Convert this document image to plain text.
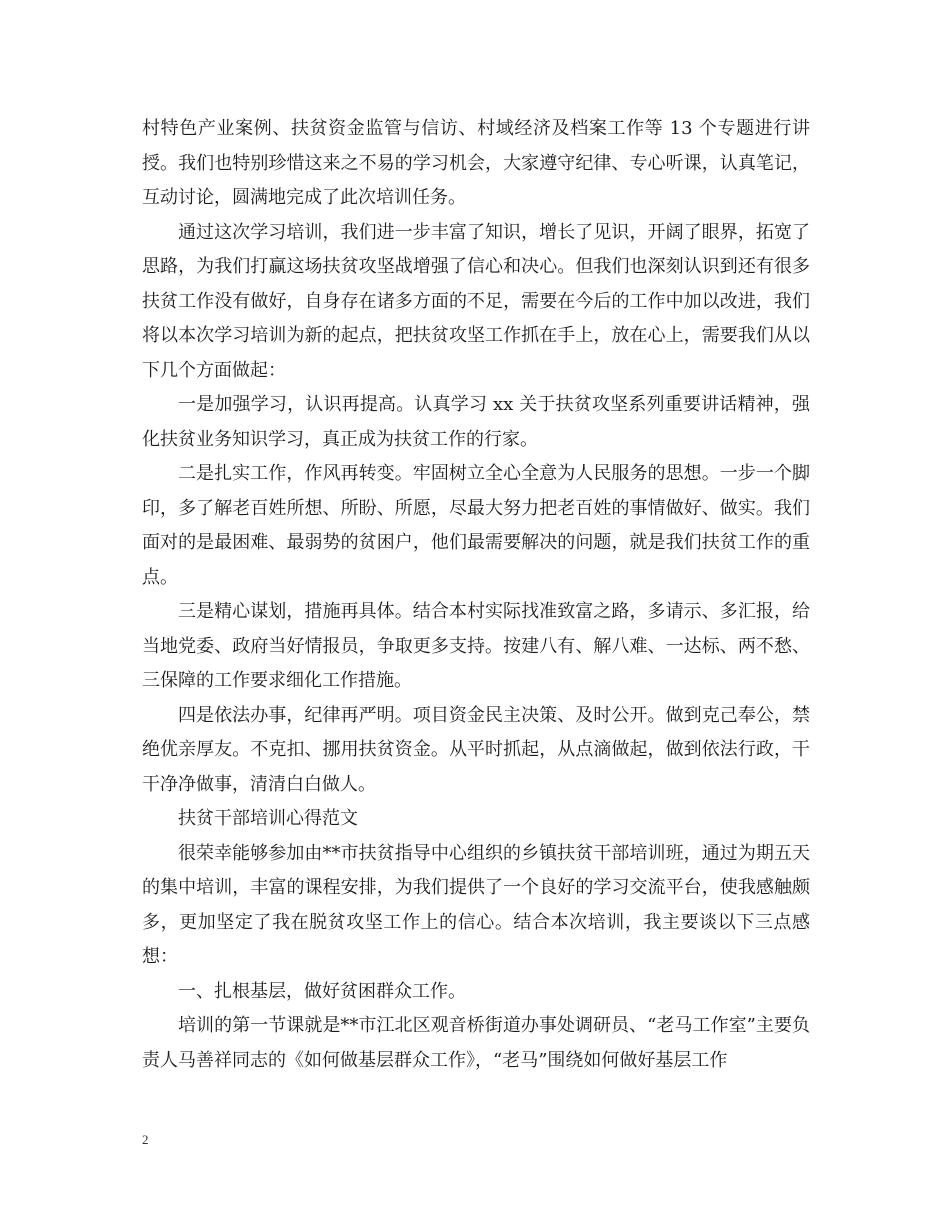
村特色产业案例、扶贫资金监管与信访、村域经济及档案工作等 13 个专题进行讲授。我们也特别珍惜这来之不易的学习机会，大家遵守纪律、专心听课，认真笔记，互动讨论，圆满地完成了此次培训任务。

通过这次学习培训，我们进一步丰富了知识，增长了见识，开阔了眼界，拓宽了思路，为我们打赢这场扶贫攻坚战增强了信心和决心。但我们也深刻认识到还有很多扶贫工作没有做好，自身存在诸多方面的不足，需要在今后的工作中加以改进，我们将以本次学习培训为新的起点，把扶贫攻坚工作抓在手上，放在心上，需要我们从以下几个方面做起：

一是加强学习，认识再提高。认真学习 xx 关于扶贫攻坚系列重要讲话精神，强化扶贫业务知识学习，真正成为扶贫工作的行家。

二是扎实工作，作风再转变。牢固树立全心全意为人民服务的思想。一步一个脚印，多了解老百姓所想、所盼、所愿，尽最大努力把老百姓的事情做好、做实。我们面对的是最困难、最弱势的贫困户，他们最需要解决的问题，就是我们扶贫工作的重点。

三是精心谋划，措施再具体。结合本村实际找准致富之路，多请示、多汇报，给当地党委、政府当好情报员，争取更多支持。按建八有、解八难、一达标、两不愁、三保障的工作要求细化工作措施。

四是依法办事，纪律再严明。项目资金民主决策、及时公开。做到克己奉公，禁绝优亲厚友。不克扣、挪用扶贫资金。从平时抓起，从点滴做起，做到依法行政，干干净净做事，清清白白做人。

扶贫干部培训心得范文

很荣幸能够参加由**市扶贫指导中心组织的乡镇扶贫干部培训班，通过为期五天的集中培训，丰富的课程安排，为我们提供了一个良好的学习交流平台，使我感触颇多，更加坚定了我在脱贫攻坚工作上的信心。结合本次培训，我主要谈以下三点感想：

一、扎根基层，做好贫困群众工作。

培训的第一节课就是**市江北区观音桥街道办事处调研员、“老马工作室”主要负责人马善祥同志的《如何做基层群众工作》，“老马”围绕如何做好基层工作

2
